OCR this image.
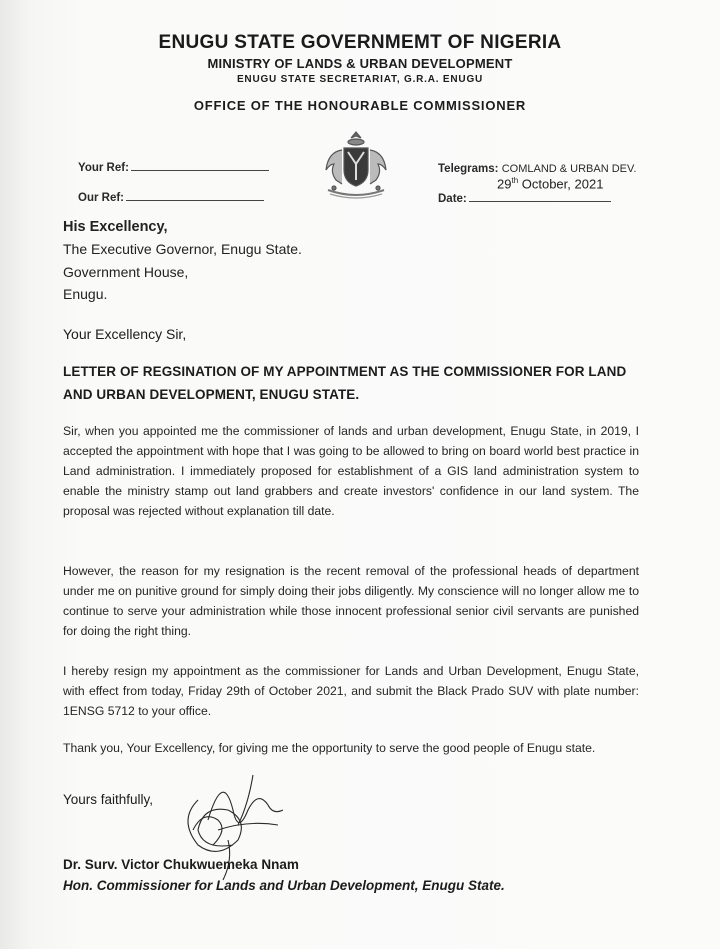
ENUGU STATE GOVERNMEMT OF NIGERIA
MINISTRY OF LANDS & URBAN DEVELOPMENT
ENUGU STATE SECRETARIAT, G.R.A. ENUGU
OFFICE OF THE HONOURABLE COMMISSIONER
Your Ref:
Our Ref:
Telegrams: COMLAND & URBAN DEV.
29th October, 2021
Date:
His Excellency,
The Executive Governor, Enugu State.
Government House,
Enugu.
Your Excellency Sir,
LETTER OF REGSINATION OF MY APPOINTMENT AS THE COMMISSIONER FOR LAND AND URBAN DEVELOPMENT, ENUGU STATE.
Sir, when you appointed me the commissioner of lands and urban development, Enugu State, in 2019, I accepted the appointment with hope that I was going to be allowed to bring on board world best practice in Land administration. I immediately proposed for establishment of a GIS land administration system to enable the ministry stamp out land grabbers and create investors' confidence in our land system. The proposal was rejected without explanation till date.
However, the reason for my resignation is the recent removal of the professional heads of department under me on punitive ground for simply doing their jobs diligently. My conscience will no longer allow me to continue to serve your administration while those innocent professional senior civil servants are punished for doing the right thing.
I hereby resign my appointment as the commissioner for Lands and Urban Development, Enugu State, with effect from today, Friday 29th of October 2021, and submit the Black Prado SUV with plate number: 1ENSG 5712 to your office.
Thank you, Your Excellency, for giving me the opportunity to serve the good people of Enugu state.
Yours faithfully,
Dr. Surv. Victor Chukwuemeka Nnam
Hon. Commissioner for Lands and Urban Development, Enugu State.
